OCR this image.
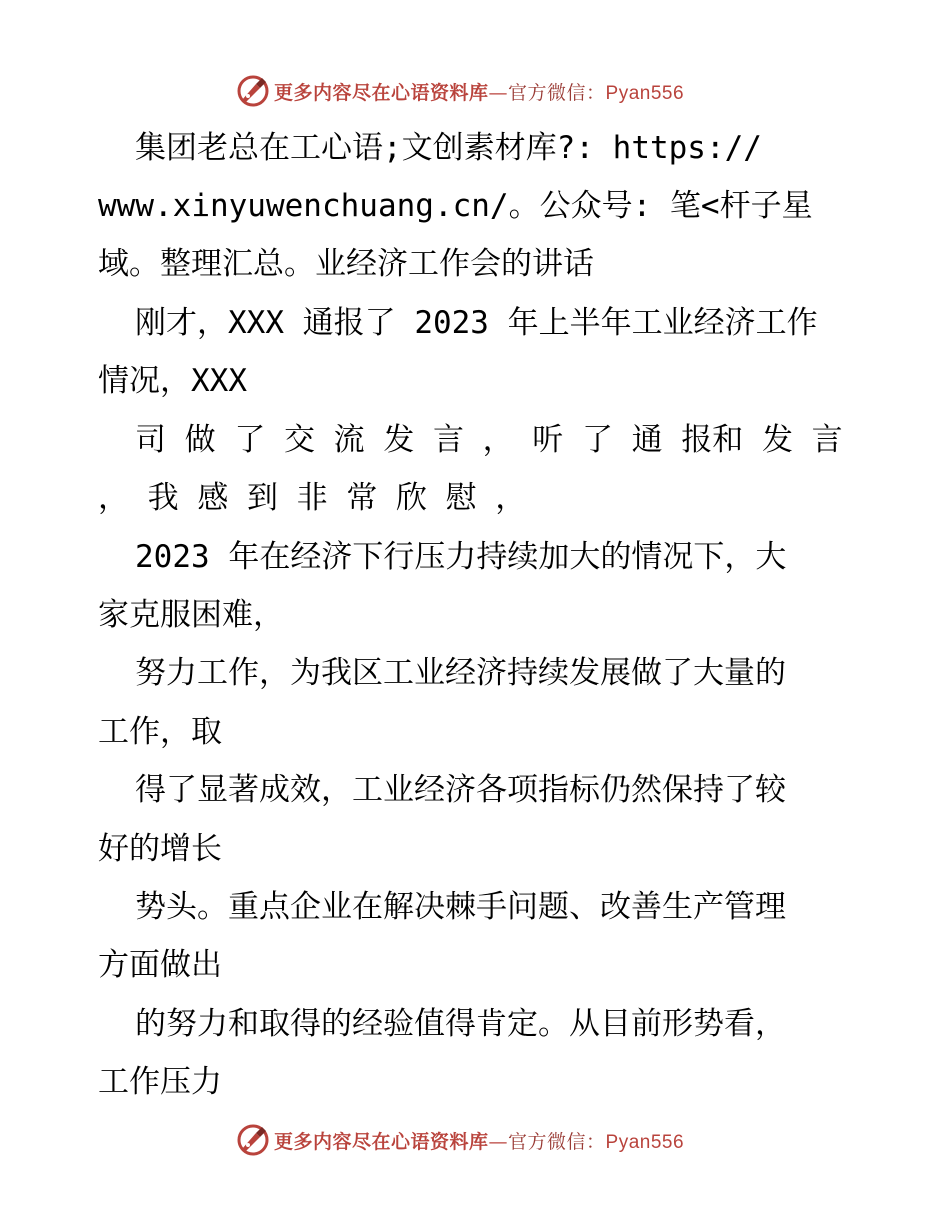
更多内容尽在心语资料库—官方微信：Pyan556
集团老总在工心语;文创素材库?: https://
www.xinyuwenchuang.cn/。公众号: 笔<杆子星
域。整理汇总。业经济工作会的讲话
刚才，XXX 通报了 2023 年上半年工业经济工作
情况，XXX
司 做 了 交 流 发 言 ， 听 了 通 报和 发 言
， 我 感 到 非 常 欣 慰 ，
2023 年在经济下行压力持续加大的情况下，大
家克服困难，
努力工作，为我区工业经济持续发展做了大量的
工作，取
得了显著成效，工业经济各项指标仍然保持了较
好的增长
势头。重点企业在解决棘手问题、改善生产管理
方面做出
的努力和取得的经验值得肯定。从目前形势看，
工作压力
更多内容尽在心语资料库—官方微信：Pyan556
